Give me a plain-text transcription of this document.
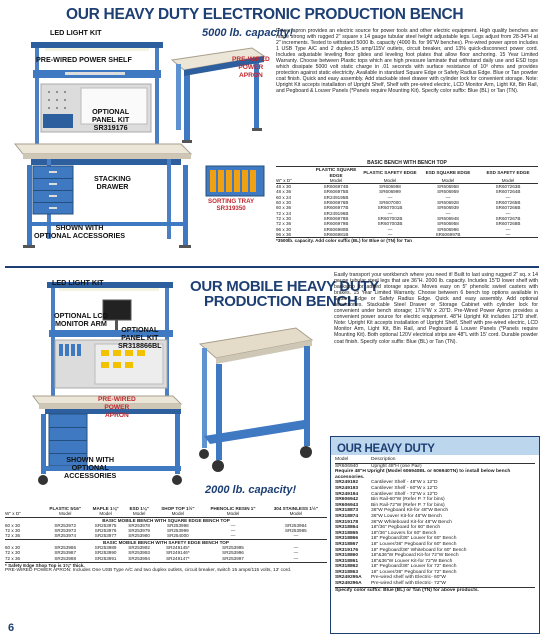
OUR HEAVY DUTY ELECTRONIC PRODUCTION BENCH
5000 lb. capacity!
LED LIGHT KIT
PRE-WIRED POWER SHELF
OPTIONAL
PANEL KIT
SR319176
STACKING
DRAWER
SHOWN WITH
OPTIONAL ACCESSORIES
PRE-WIRED
POWER
APRON
SORTING TRAY
SR319350
Power apron provides an electric source for power tools and other electric equipment. High quality benches are made strong with rugged 2" square x 14 gauge tubular steel height adjustable legs. Legs adjust from 28-34"H at 2" increments. Tested to withstand 5000 lb. capacity (4000 lb. for 96"W benches). Pre-wired power apron includes 1 USB Type A/C and 2 duplex,15 amp/115V outlets, circuit breaker, and 13% quick-disconnect power cord. Includes adjustable leveling floor glides and leveling foot plates that allow floor anchoring. 15 Year Limited Warranty. Choose between Plastic tops which are high pressure laminate that withstand daily use and ESD tops which dissipate 5000 volt static charge in .01 seconds with surface resistance of 10⁶ ohms and provides protection against static electricity. Available in standard Square Edge or Safety Radius Edge. Blue or Tan powder coat finish. Quick and easy assembly. Add stackable steel drawer with cylinder lock for convenient storage. Note: Upright Kit accepts installation of Upright Shelf, Shelf with pre-wired electric, LCD Monitor Arm, Light Kit, Bin Rail, and Pegboard & Louver Panels (*Panels require Mounting Kit). Specify color suffix: Blue (BL) or Tan (TN).
BASIC BENCH WITH BENCH TOP
	PLASTIC SQUARE EDGE	PLASTIC SAFETY EDGE	ESD SQUARE EDGE	ESD SAFETY EDGE
W" x D"	Model	Model	Model	Model
48 x 30	SR606974B	SR606998	SR606958	SR607263B
48 x 36	SR606975B	SR606999	SR606959	SR607264B
60 x 24	SR249195B	—	—	—
60 x 30	SR606976B	SR607000	SR606928	SR607265B
60 x 36	SR606977B	SR607001B	SR606939	SR607266B
72 x 24	SR249196B	—	—	—
72 x 30	SR606978B	SR607002B	SR606948	SR607267B
72 x 36	SR606979B	SR607003B	SR606958	SR607268B
96 x 30	SR606980B	—	SR606996	—
96 x 36	SR606981B	—	SR606997B	—
*3500lb. capacity. Add color suffix (BL) for Blue or (TN) for Tan
OUR MOBILE HEAVY DUTY
PRODUCTION BENCH
2000 lb. capacity!
LED LIGHT KIT
OPTIONAL LCD
MONITOR ARM
OPTIONAL
PANEL KIT
SR318866BL
PRE-WIRED
POWER
APRON
SHOWN WITH
OPTIONAL
ACCESSORIES
Easily transport your workbench where you need it! Built to last using rugged 2" sq. x 14 gauge tubular steel legs that are 36"H. 2000 lb. capacity. Includes 15"D lower shelf with backstop for added storage space. Moves easy on 5" phenolic swivel casters with brakes. 15 Year Limited Warranty. Choose between 6 bench top options available in Square Edge or Safety Radius Edge. Quick and easy assembly. Add optional accessories. Stackable Steel Drawer or Storage Cabinet with cylinder lock for convenient under bench storage; 17⅞"W x 20"D. Pre-Wired Power Apron provides a convenient power source for electric equipment. 48"H Upright Kit includes 12"D shelf. Note: Upright Kit accepts installation of Upright Shelf, Shelf with pre-wired electric, LCD Monitor Arm, Light Kit, Bin Rail, and Pegboard & Louver Panels (*Panels require Mounting Kit). Both optional 120V electrical strips are 48"L with 15' cord. Durable powder coat finish. Specify color suffix: Blue (BL) or Tan (TN).
	PLASTIC 5⁄16"	MAPLE 1⅛"	ESD 1⅛"	SHOP TOP 1½"	PHENOLIC RESIN 1"	304 STAINLESS 1½"
W" x D"	Model	Model	Model	Model	Model	Model
BASIC MOBILE BENCH WITH SQUARE EDGE BENCH TOP						
60 x 30	SR253972	SR253975	SR253978	SR253998	—	SR253984
72 x 30	SR253973	SR253976	SR253979	SR253999	—	SR253985
72 x 36	SR253974	SR253977	SR253980	SR254000	—	—
BASIC MOBILE BENCH WITH SAFETY EDGE BENCH TOP						
60 x 30	SR253986	SR253989	SR253992	SR249145*	SR253995	—
72 x 30	SR253987	SR253990	SR253993	SR249146*	SR253996	—
72 x 36	SR253988	SR253991	SR253994	SR249147*	SR253997	—
* Safety Edge Shop Top is 1⅜" thick.
PRE-WIRED POWER APRON: Includes One USB Type A/C and two duplex outlets, circuit breaker, switch 15 amps/115 volts, 13' cord.
OUR HEAVY DUTY
Model	Description
SR606940	Upright 48"H (one Pair)
Require 48"H Upright (Model 606940BL or 606940TN) to install below bench accessories.
SR249192	Cantilever Shelf - 48"W x 12"D
SR249193	Cantilever Shelf - 60"W x 12"D
SR249194	Cantilever Shelf - 72"W x 12"D
SR606942	Bin Rail-60"W (Refer P. 7 for bins)
SR606943	Bin Rail-72"W (Refer P. 7 for bins)
SR318873	36"W Pegboard Kit-for 48"W Bench
SR318874	36"W Louver Kit-for 48"W Bench
SR319178	36"W Whiteboard Kit-for 48"W Bench
SR318864	18"/36" Pegboard for 60" Bench
SR318865	18"/36" Louvers for 60" Bench
SR318866	18" Pegboard/36" Louver for 60" Bench
SR318867	18" Louver/36" Pegboard for 60" Bench
SR319176	18" Pegboard/36" Whiteboard for 60" Bench
SR318860	18"&36"W Pegboard Kit-for 72"W Bench
SR318861	18"&36"W Louver Kit-for 72"W Bench
SR318862	18" Pegboard/36" Louver for 72" Bench
SR318863	18" Louver/36" Pegboard for 72" Bench
SR249295A	Pre-wired shelf with Electric- 60"W
SR249296A	Pre-wired shelf with Electric- 72"W
Specify color suffix: Blue (BL) or Tan (TN) for above products.
6
